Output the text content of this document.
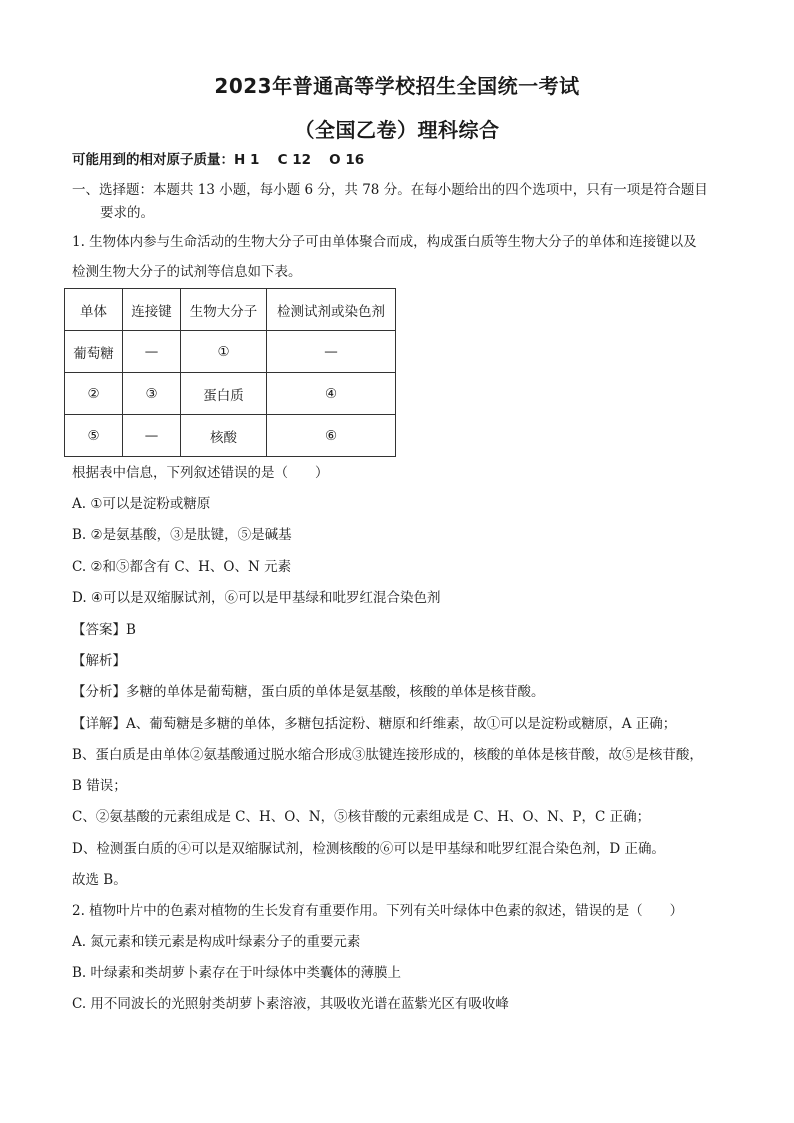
2023年普通高等学校招生全国统一考试
（全国乙卷）理科综合
可能用到的相对原子质量：H 1　 C 12　 O 16
一、选择题：本题共 13 小题，每小题 6 分，共 78 分。在每小题给出的四个选项中，只有一项是符合题目
要求的。
1. 生物体内参与生命活动的生物大分子可由单体聚合而成，构成蛋白质等生物大分子的单体和连接键以及
检测生物大分子的试剂等信息如下表。
单体	连接键	生物大分子	检测试剂或染色剂
葡萄糖	—	①	—
②	③	蛋白质	④
⑤	—	核酸	⑥
根据表中信息，下列叙述错误的是（　　）
A. ①可以是淀粉或糖原
B. ②是氨基酸，③是肽键，⑤是碱基
C. ②和⑤都含有 C、H、O、N 元素
D. ④可以是双缩脲试剂，⑥可以是甲基绿和吡罗红混合染色剂
【答案】B
【解析】
【分析】多糖的单体是葡萄糖，蛋白质的单体是氨基酸，核酸的单体是核苷酸。
【详解】A、葡萄糖是多糖的单体，多糖包括淀粉、糖原和纤维素，故①可以是淀粉或糖原，A 正确；
B、蛋白质是由单体②氨基酸通过脱水缩合形成③肽键连接形成的，核酸的单体是核苷酸，故⑤是核苷酸，
B 错误；
C、②氨基酸的元素组成是 C、H、O、N，⑤核苷酸的元素组成是 C、H、O、N、P，C 正确；
D、检测蛋白质的④可以是双缩脲试剂，检测核酸的⑥可以是甲基绿和吡罗红混合染色剂，D 正确。
故选 B。
2. 植物叶片中的色素对植物的生长发育有重要作用。下列有关叶绿体中色素的叙述，错误的是（　　）
A. 氮元素和镁元素是构成叶绿素分子的重要元素
B. 叶绿素和类胡萝卜素存在于叶绿体中类囊体的薄膜上
C. 用不同波长的光照射类胡萝卜素溶液，其吸收光谱在蓝紫光区有吸收峰
